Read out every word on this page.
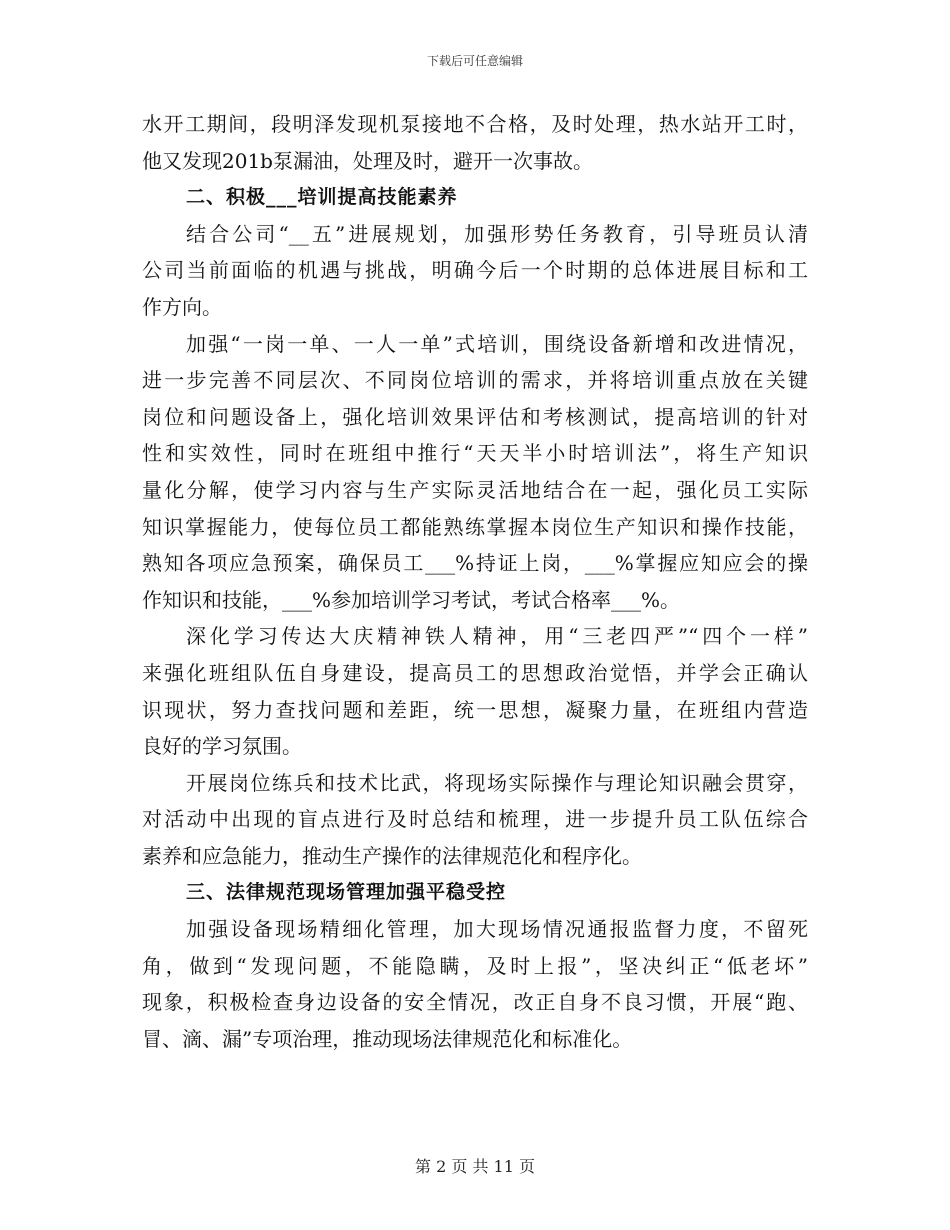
下载后可任意编辑
水开工期间，段明泽发现机泵接地不合格，及时处理，热水站开工时，
他又发现201b泵漏油，处理及时，避开一次事故。
二、积极___培训提高技能素养
结合公司“__五”进展规划，加强形势任务教育，引导班员认清
公司当前面临的机遇与挑战，明确今后一个时期的总体进展目标和工
作方向。
加强“一岗一单、一人一单”式培训，围绕设备新增和改进情况，
进一步完善不同层次、不同岗位培训的需求，并将培训重点放在关键
岗位和问题设备上，强化培训效果评估和考核测试，提高培训的针对
性和实效性，同时在班组中推行“天天半小时培训法”，将生产知识
量化分解，使学习内容与生产实际灵活地结合在一起，强化员工实际
知识掌握能力，使每位员工都能熟练掌握本岗位生产知识和操作技能，
熟知各项应急预案，确保员工___%持证上岗，___%掌握应知应会的操
作知识和技能，___%参加培训学习考试，考试合格率___%。
深化学习传达大庆精神铁人精神，用“三老四严”“四个一样”
来强化班组队伍自身建设，提高员工的思想政治觉悟，并学会正确认
识现状，努力查找问题和差距，统一思想，凝聚力量，在班组内营造
良好的学习氛围。
开展岗位练兵和技术比武，将现场实际操作与理论知识融会贯穿，
对活动中出现的盲点进行及时总结和梳理，进一步提升员工队伍综合
素养和应急能力，推动生产操作的法律规范化和程序化。
三、法律规范现场管理加强平稳受控
加强设备现场精细化管理，加大现场情况通报监督力度，不留死
角，做到“发现问题，不能隐瞒，及时上报”，坚决纠正“低老坏”
现象，积极检查身边设备的安全情况，改正自身不良习惯，开展“跑、
冒、滴、漏”专项治理，推动现场法律规范化和标准化。
第 2 页 共 11 页
